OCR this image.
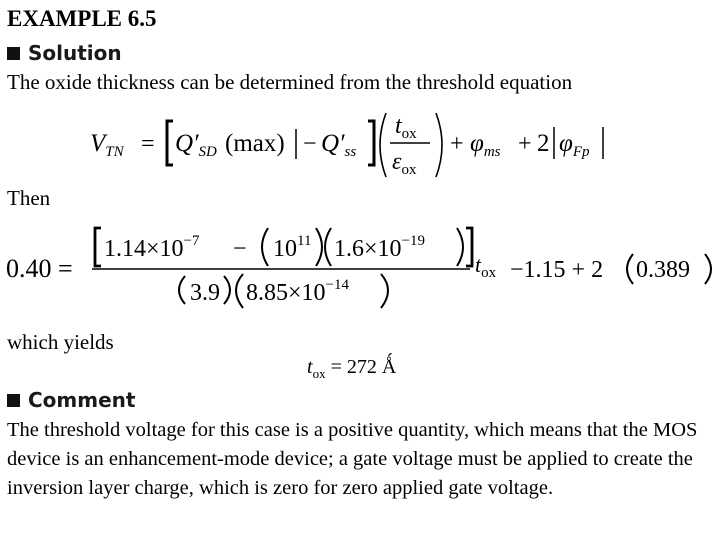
EXAMPLE 6.5
Solution
The oxide thickness can be determined from the threshold equation
$V_{TN} = Q'_{SD}$ $(\max) - Q'_{ss}$
$t_{ox}$
$\varepsilon_{ox}$
+ $\varphi_{ms} + 2$ $\varphi_{Fp}$
Then
0.40 =
$1.14\times 10^{-7} - 10^{11}$ $1.6\times 10^{-19}$
3.9 $8.85\times 10^{-14}$
$t_{ox} -1.15 + 2$ 0.389
which yields
$t_{ox} = 272$ Ǻ
Comment
The threshold voltage for this case is a positive quantity, which means that the MOS device is an enhancement-mode device; a gate voltage must be applied to create the inversion layer charge, which is zero for zero applied gate voltage.
